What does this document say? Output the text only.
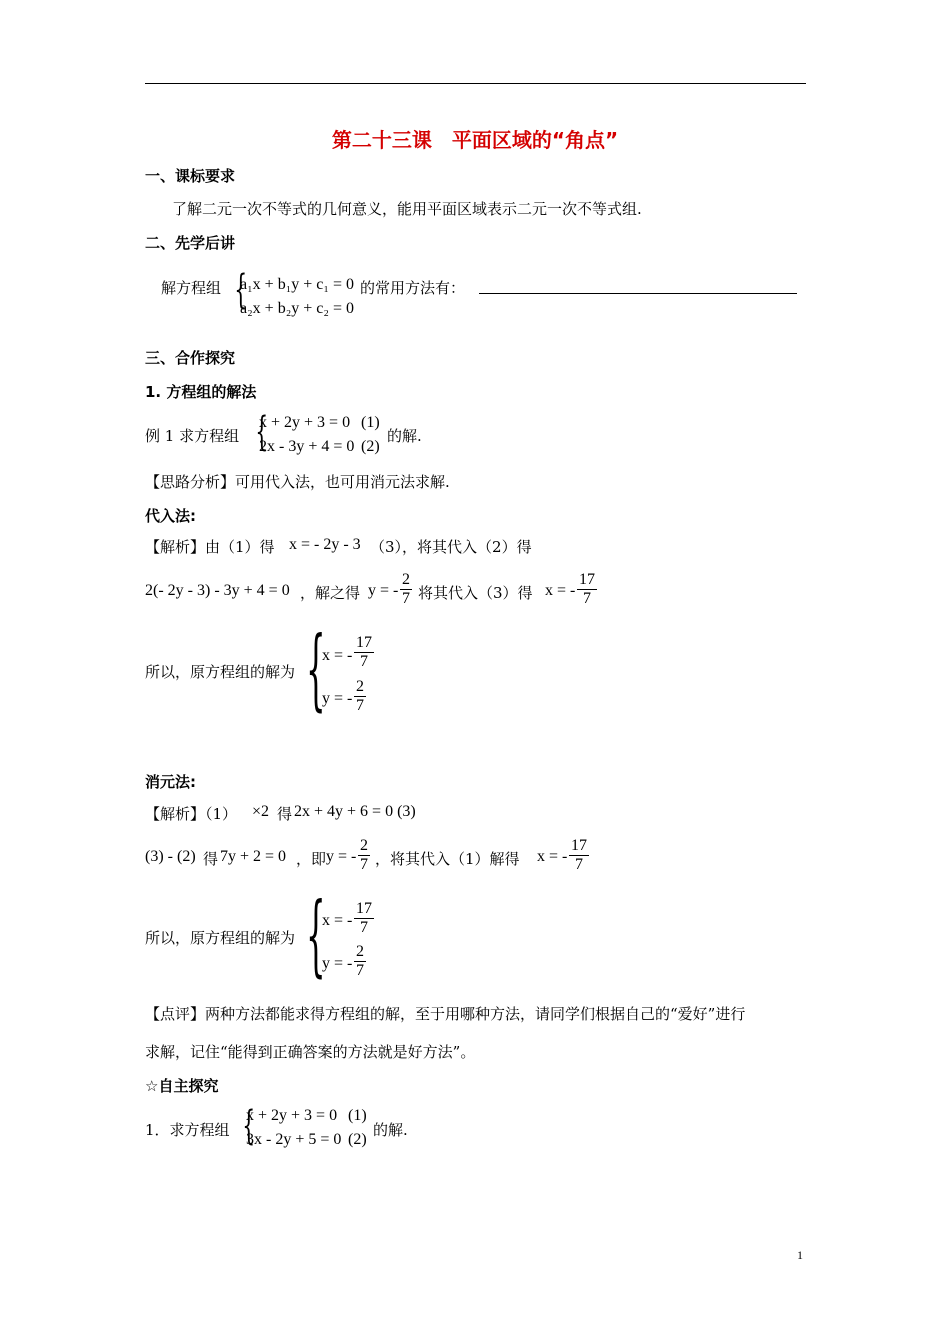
第二十三课　平面区域的“角点”
一、课标要求
了解二元一次不等式的几何意义，能用平面区域表示二元一次不等式组.
二、先学后讲
解方程组 {
a₁x + b₁y + c₁ = 0
a₂x + b₂y + c₂ = 0
的常用方法有：
三、合作探究
1. 方程组的解法
例 1 求方程组 {
x + 2y + 3 = 0 (1)
2x - 3y + 4 = 0 (2)
的解.
【思路分析】可用代入法，也可用消元法求解.
代入法:
【解析】由（1）得 x = - 2y - 3 （3），将其代入（2）得
2(- 2y - 3) - 3y + 4 = 0 ，解之得 y = - $\frac{2}{7}$ 将其代入（3）得 x = - $\frac{17}{7}$
所以，原方程组的解为 {
x = - $\frac{17}{7}$
y = - $\frac{2}{7}$
消元法:
【解析】（1） ×2 得 2x + 4y + 6 = 0 (3)
(3) - (2) 得 7y + 2 = 0 ，即 y = - $\frac{2}{7}$ ，将其代入（1）解得 x = - $\frac{17}{7}$
所以，原方程组的解为 {
x = - $\frac{17}{7}$
y = - $\frac{2}{7}$
【点评】两种方法都能求得方程组的解，至于用哪种方法，请同学们根据自己的“爱好”进行
求解，记住“能得到正确答案的方法就是好方法”。
☆自主探究
1．求方程组 {
x + 2y + 3 = 0 (1)
3x - 2y + 5 = 0 (2)
的解.
1
